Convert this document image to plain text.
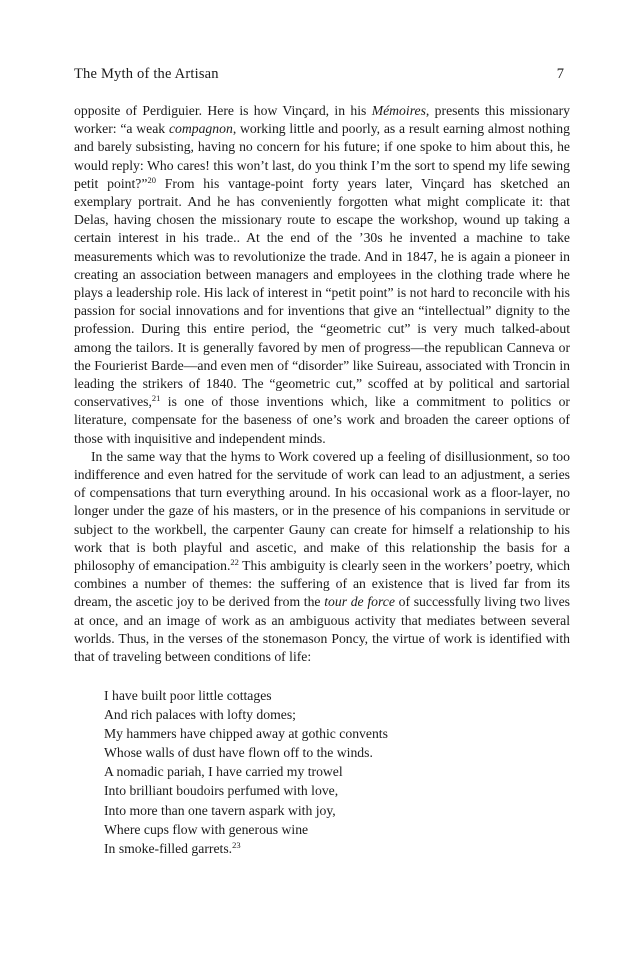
The Myth of the Artisan	7

opposite of Perdiguier. Here is how Vinçard, in his Mémoires, presents this missionary worker: “a weak compagnon, working little and poorly, as a result earning almost nothing and barely subsisting, having no concern for his future; if one spoke to him about this, he would reply: Who cares! this won’t last, do you think I’m the sort to spend my life sewing petit point?”$^{20}$ From his vantage-point forty years later, Vinçard has sketched an exemplary portrait. And he has conveniently forgotten what might complicate it: that Delas, having chosen the missionary route to escape the workshop, wound up taking a certain interest in his trade.. At the end of the ’30s he invented a machine to take measurements which was to revolutionize the trade. And in 1847, he is again a pioneer in creating an association between managers and employees in the clothing trade where he plays a leadership role. His lack of interest in “petit point” is not hard to reconcile with his passion for social innovations and for inventions that give an “intellectual” dignity to the profession. During this entire period, the “geometric cut” is very much talked-about among the tailors. It is generally favored by men of progress—the republican Canneva or the Fourierist Barde—and even men of “disorder” like Suireau, associated with Troncin in leading the strikers of 1840. The “geometric cut,” scoffed at by political and sartorial conservatives,$^{21}$ is one of those inventions which, like a commitment to politics or literature, compensate for the baseness of one’s work and broaden the career options of those with inquisitive and independent minds.

In the same way that the hyms to Work covered up a feeling of disillusionment, so too indifference and even hatred for the servitude of work can lead to an adjustment, a series of compensations that turn everything around. In his occasional work as a floor-layer, no longer under the gaze of his masters, or in the presence of his companions in servitude or subject to the workbell, the carpenter Gauny can create for himself a relationship to his work that is both playful and ascetic, and make of this relationship the basis for a philosophy of emancipation.$^{22}$ This ambiguity is clearly seen in the workers’ poetry, which combines a number of themes: the suffering of an existence that is lived far from its dream, the ascetic joy to be derived from the tour de force of successfully living two lives at once, and an image of work as an ambiguous activity that mediates between several worlds. Thus, in the verses of the stonemason Poncy, the virtue of work is identified with that of traveling between conditions of life:

I have built poor little cottages
And rich palaces with lofty domes;
My hammers have chipped away at gothic convents
Whose walls of dust have flown off to the winds.
A nomadic pariah, I have carried my trowel
Into brilliant boudoirs perfumed with love,
Into more than one tavern aspark with joy,
Where cups flow with generous wine
In smoke-filled garrets.$^{23}$
